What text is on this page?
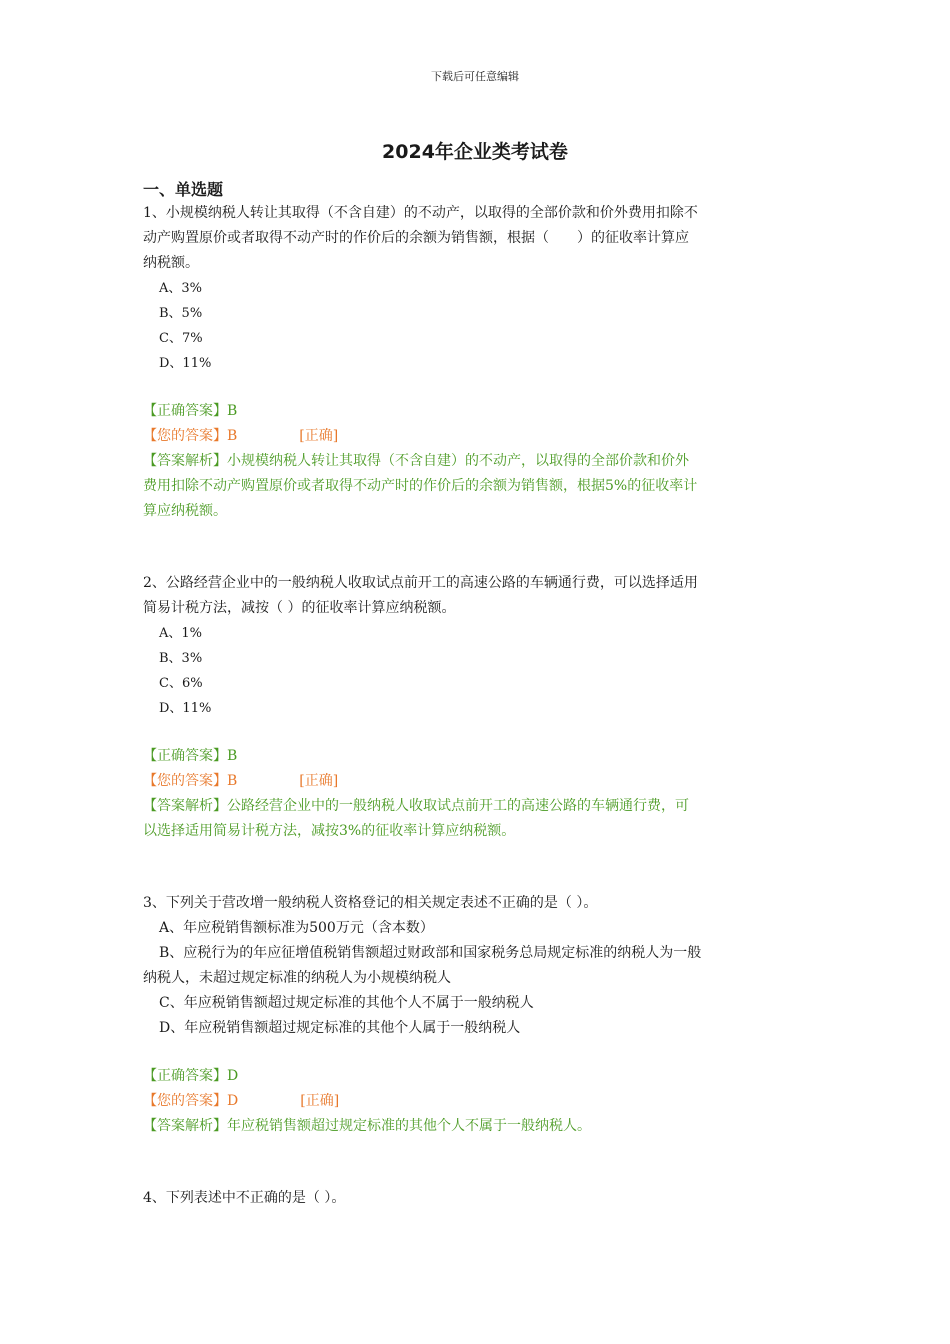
下载后可任意编辑
2024年企业类考试卷
一、单选题

1、小规模纳税人转让其取得（不含自建）的不动产，以取得的全部价款和价外费用扣除不

动产购置原价或者取得不动产时的作价后的余额为销售额，根据（　　）的征收率计算应

纳税额。

A、3%

B、5%

C、7%

D、11%

【正确答案】B

【您的答案】B	[正确]

【答案解析】小规模纳税人转让其取得（不含自建）的不动产，以取得的全部价款和价外

费用扣除不动产购置原价或者取得不动产时的作价后的余额为销售额，根据5%的征收率计

算应纳税额。

2、公路经营企业中的一般纳税人收取试点前开工的高速公路的车辆通行费，可以选择适用

简易计税方法，减按（ ）的征收率计算应纳税额。

A、1%

B、3%

C、6%

D、11%

【正确答案】B

【您的答案】B	[正确]

【答案解析】公路经营企业中的一般纳税人收取试点前开工的高速公路的车辆通行费，可

以选择适用简易计税方法，减按3%的征收率计算应纳税额。

3、下列关于营改增一般纳税人资格登记的相关规定表述不正确的是（ ）。

A、年应税销售额标准为500万元（含本数）

B、应税行为的年应征增值税销售额超过财政部和国家税务总局规定标准的纳税人为一般

纳税人，未超过规定标准的纳税人为小规模纳税人

C、年应税销售额超过规定标准的其他个人不属于一般纳税人

D、年应税销售额超过规定标准的其他个人属于一般纳税人

【正确答案】D

【您的答案】D	[正确]

【答案解析】年应税销售额超过规定标准的其他个人不属于一般纳税人。

4、下列表述中不正确的是（ ）。
